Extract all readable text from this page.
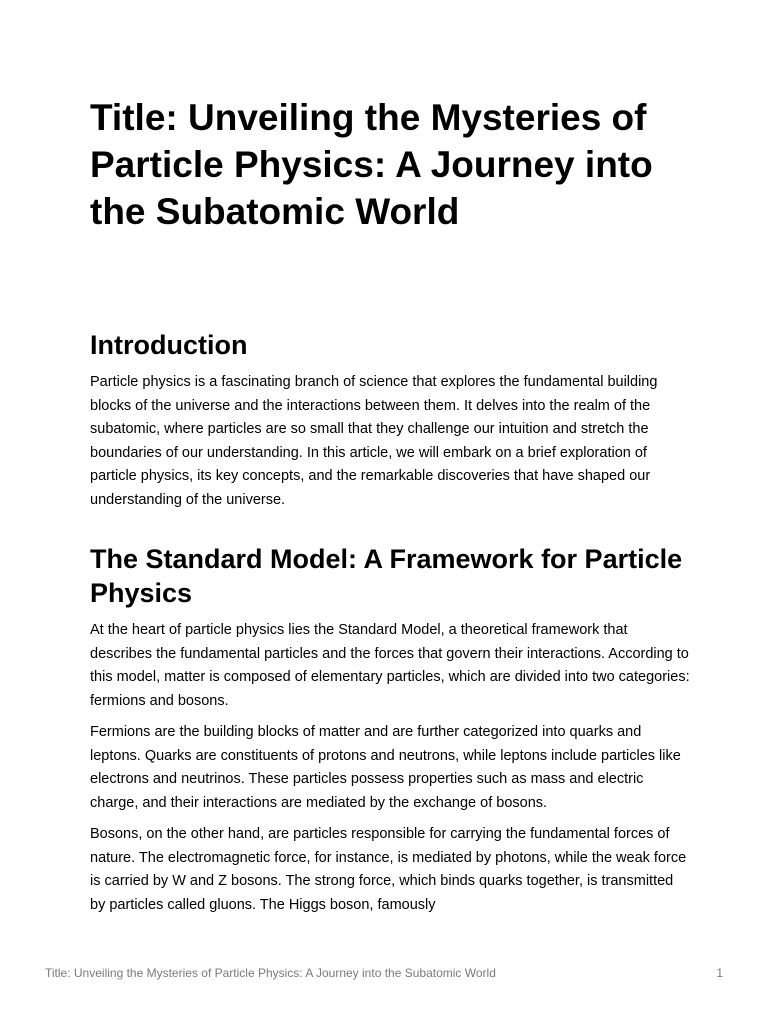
Title: Unveiling the Mysteries of Particle Physics: A Journey into the Subatomic World
Introduction

Particle physics is a fascinating branch of science that explores the fundamental building blocks of the universe and the interactions between them. It delves into the realm of the subatomic, where particles are so small that they challenge our intuition and stretch the boundaries of our understanding. In this article, we will embark on a brief exploration of particle physics, its key concepts, and the remarkable discoveries that have shaped our understanding of the universe.

The Standard Model: A Framework for Particle Physics

At the heart of particle physics lies the Standard Model, a theoretical framework that describes the fundamental particles and the forces that govern their interactions. According to this model, matter is composed of elementary particles, which are divided into two categories: fermions and bosons.

Fermions are the building blocks of matter and are further categorized into quarks and leptons. Quarks are constituents of protons and neutrons, while leptons include particles like electrons and neutrinos. These particles possess properties such as mass and electric charge, and their interactions are mediated by the exchange of bosons.

Bosons, on the other hand, are particles responsible for carrying the fundamental forces of nature. The electromagnetic force, for instance, is mediated by photons, while the weak force is carried by W and Z bosons. The strong force, which binds quarks together, is transmitted by particles called gluons. The Higgs boson, famously

Title: Unveiling the Mysteries of Particle Physics: A Journey into the Subatomic World	1
